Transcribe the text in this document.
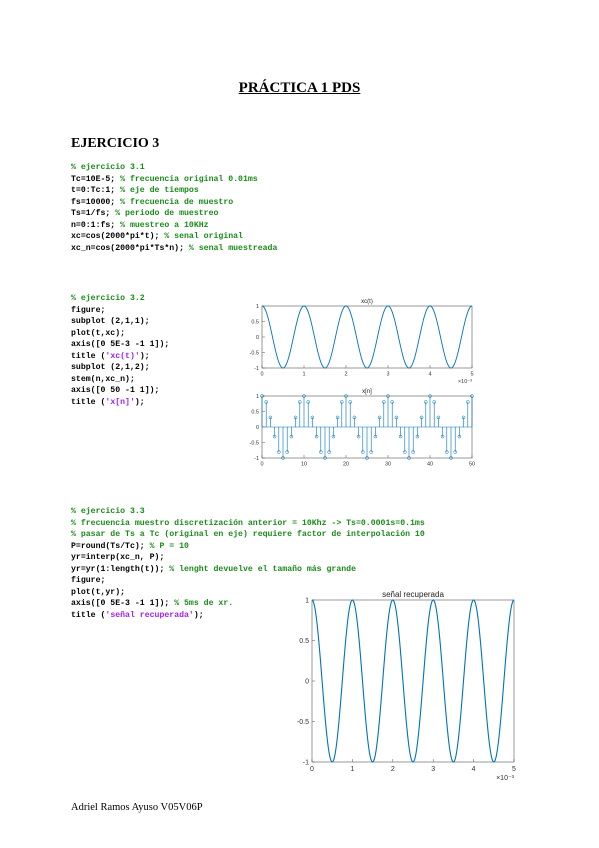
PRÁCTICA 1 PDS
EJERCICIO 3
% ejercicio 3.1
Tc=10E-5; % frecuencia original 0.01ms
t=0:Tc:1; % eje de tiempos
fs=10000; % frecuencia de muestro
Ts=1/fs; % periodo de muestreo
n=0:1:fs; % muestreo a 10KHz
xc=cos(2000*pi*t); % senal original
xc_n=cos(2000*pi*Ts*n); % senal muestreada
% ejercicio 3.2
figure;
subplot (2,1,1);
plot(t,xc);
axis([0 5E-3 -1 1]);
title ('xc(t)');
subplot (2,1,2);
stem(n,xc_n);
axis([0 50 -1 1]);
title ('x[n]');
% ejercicio 3.3
% frecuencia muestro discretización anterior = 10Khz -> Ts=0.0001s=0.1ms
% pasar de Ts a Tc (original en eje) requiere factor de interpolación 10
P=round(Ts/Tc); % P = 10
yr=interp(xc_n, P);
yr=yr(1:length(t)); % lenght devuelve el tamaño más grande
figure;
plot(t,yr);
axis([0 5E-3 -1 1]); % 5ms de xr.
title ('señal recuperada');
xc(t)
1
0.5
0
-0.5
-1
0	1	2	3	4	5
×10⁻³
x[n]
1
0.5
0
-0.5
-1
0	10	20	30	40	50
señal recuperada
1
0.5
0
-0.5
-1
0	1	2	3	4	5
×10⁻³
Adriel Ramos Ayuso V05V06P
